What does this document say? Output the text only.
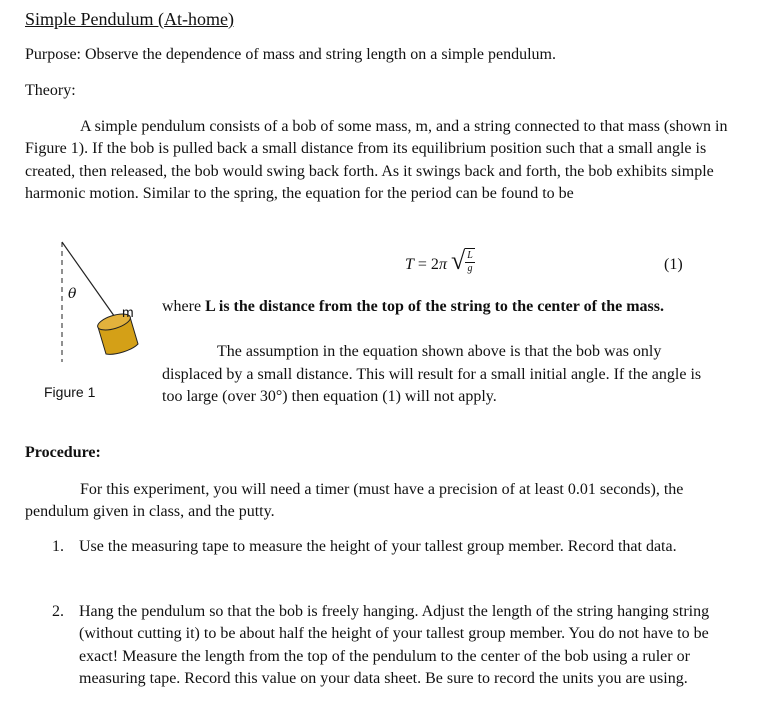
Simple Pendulum (At-home)
Purpose: Observe the dependence of mass and string length on a simple pendulum.
Theory:
A simple pendulum consists of a bob of some mass, m, and a string connected to that mass (shown in Figure 1). If the bob is pulled back a small distance from its equilibrium position such that a small angle is created, then released, the bob would swing back forth. As it swings back and forth, the bob exhibits simple harmonic motion. Similar to the spring, the equation for the period can be found to be
θ
m
Figure 1
T = 2π √ $\frac{L}{g}$	(1)
where L is the distance from the top of the string to the center of the mass.
The assumption in the equation shown above is that the bob was only displaced by a small distance. This will result for a small initial angle. If the angle is too large (over 30°) then equation (1) will not apply.
Procedure:
For this experiment, you will need a timer (must have a precision of at least 0.01 seconds), the pendulum given in class, and the putty.
1. Use the measuring tape to measure the height of your tallest group member. Record that data.
2. Hang the pendulum so that the bob is freely hanging. Adjust the length of the string hanging string (without cutting it) to be about half the height of your tallest group member. You do not have to be exact! Measure the length from the top of the pendulum to the center of the bob using a ruler or measuring tape. Record this value on your data sheet. Be sure to record the units you are using.
